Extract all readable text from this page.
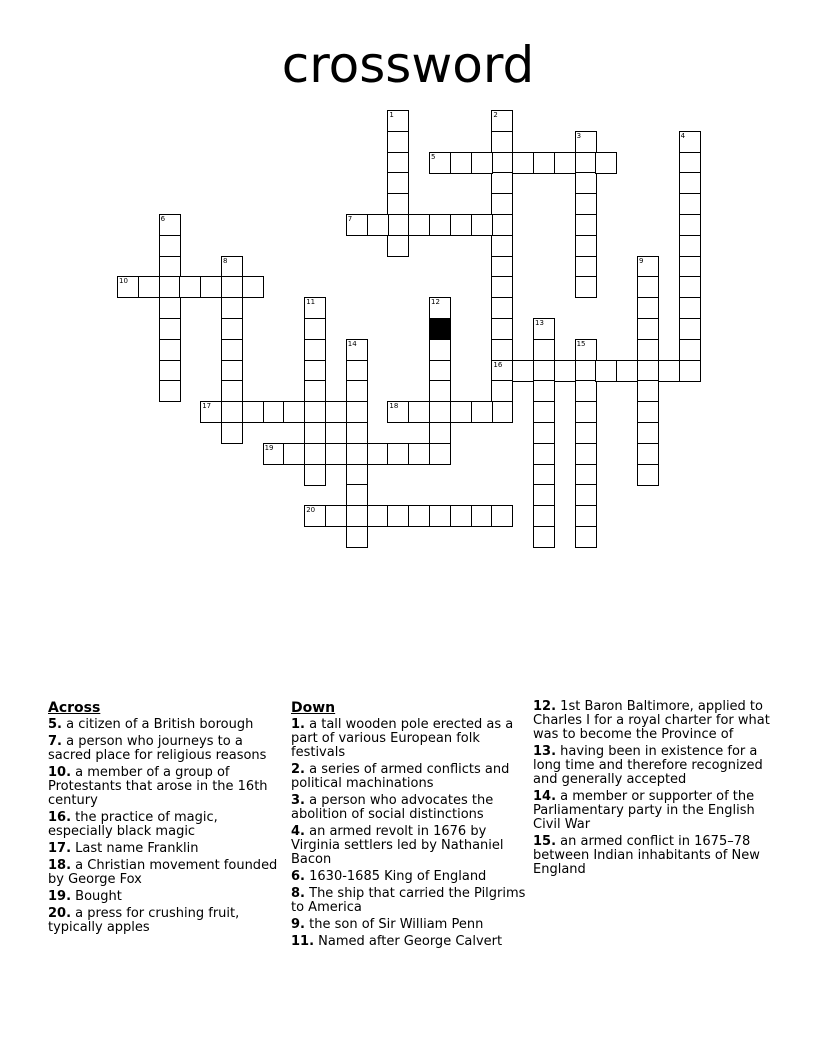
crossword
1	2
16
3	4
5
6	7
8	9
10
11	12
13
14	15
17	18
19
20
Across
5. a citizen of a British borough
7. a person who journeys to a sacred place for religious reasons
10. a member of a group of Protestants that arose in the 16th century
16. the practice of magic, especially black magic
17. Last name Franklin
18. a Christian movement founded by George Fox
19. Bought
20. a press for crushing fruit, typically apples
Down
1. a tall wooden pole erected as a part of various European folk festivals
2. a series of armed conflicts and political machinations
3. a person who advocates the abolition of social distinctions
4. an armed revolt in 1676 by Virginia settlers led by Nathaniel Bacon
6. 1630-1685 King of England
8. The ship that carried the Pilgrims to America
9. the son of Sir William Penn
11. Named after George Calvert
12. 1st Baron Baltimore, applied to Charles I for a royal charter for what was to become the Province of
13. having been in existence for a long time and therefore recognized and generally accepted
14. a member or supporter of the Parliamentary party in the English Civil War
15. an armed conflict in 1675–78 between Indian inhabitants of New England
